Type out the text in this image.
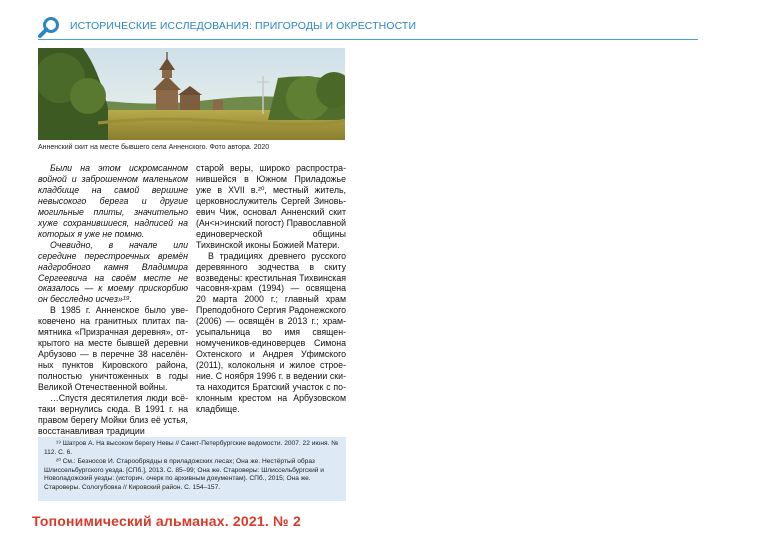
ИСТОРИЧЕСКИЕ ИССЛЕДОВАНИЯ: ПРИГОРОДЫ И ОКРЕСТНОСТИ
Анненский скит на месте бывшего села Анненского. Фото автора. 2020

Были на этом искромсанном войной и заброшенном маленьком кладбище на самой вершине невысокого берега и другие могильные плиты, значительно хуже сохранившиеся, надписей на которых я уже не помню.

Очевидно, в начале или середине перестроечных времён надгробного камня Владимира Сергеевича на своём месте не оказалось — к моему прискорбию он бесследно исчез»¹⁹.

В 1985 г. Анненское было увековечено на гранитных плитах памятника «Призрачная деревня», открытого на месте бывшей деревни Арбузово — в перечне 38 населённых пунктов Кировского района, полностью уничтоженных в годы Великой Отечественной войны.

…Спустя десятилетия люди всё-таки вернулись сюда. В 1991 г. на правом берегу Мойки близ её устья, восстанавливая традиции

старой веры, широко распространившейся в Южном Приладожье уже в XVII в.²⁰, местный житель, церковнослужитель Сергей Зиновьевич Чиж, основал Анненский скит (Ан<н>инский погост) Православной единоверческой общины Тихвинской иконы Божией Матери.

В традициях древнего русского деревянного зодчества в скиту возведены: крестильная Тихвинская часовня-храм (1994) — освящена 20 марта 2000 г.; главный храм Преподобного Сергия Радонежского (2006) — освящён в 2013 г.; храм-усыпальница во имя священномучеников-единоверцев Симона Охтенского и Андрея Уфимского (2011), колокольня и жилое строение. С ноября 1996 г. в ведении скита находится Братский участок с поклонным крестом на Арбузовском кладбище.

¹⁹ Шатров А. На высоком берегу Невы // Санкт-Петербургские ведомости. 2007. 22 июня. № 112. С. 6.

²⁰ См.: Безносов И. Старообрядцы в приладожских лесах; Она же. Нестёртый образ Шлиссельбургского уезда. [СПб.], 2013. С. 85–99; Она же. Староверы: Шлиссельбургский и Новоладожский уезды: (историч. очерк по архивным документам). СПб., 2015; Она же. Староверы. Сологубовка // Кировский район. С. 154–157.

Топонимический альманах. 2021. № 2
